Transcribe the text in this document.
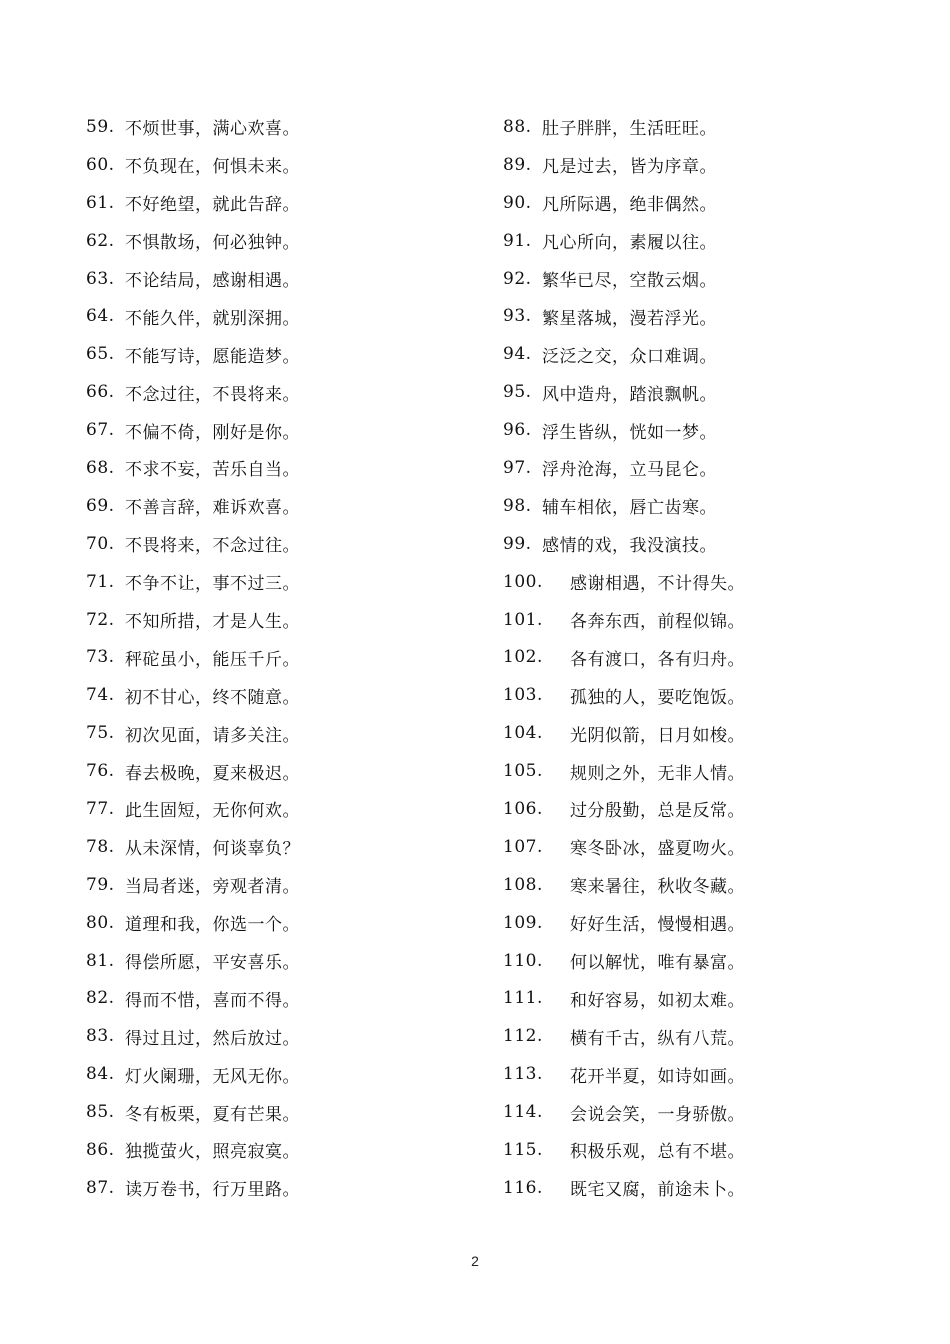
59. 不烦世事，满心欢喜。
60. 不负现在，何惧未来。
61. 不好绝望，就此告辞。
62. 不惧散场，何必独钟。
63. 不论结局，感谢相遇。
64. 不能久伴，就别深拥。
65. 不能写诗，愿能造梦。
66. 不念过往，不畏将来。
67. 不偏不倚，刚好是你。
68. 不求不妄，苦乐自当。
69. 不善言辞，难诉欢喜。
70. 不畏将来，不念过往。
71. 不争不让，事不过三。
72. 不知所措，才是人生。
73. 秤砣虽小，能压千斤。
74. 初不甘心，终不随意。
75. 初次见面，请多关注。
76. 春去极晚，夏来极迟。
77. 此生固短，无你何欢。
78. 从未深情，何谈辜负？
79. 当局者迷，旁观者清。
80. 道理和我，你选一个。
81. 得偿所愿，平安喜乐。
82. 得而不惜，喜而不得。
83. 得过且过，然后放过。
84. 灯火阑珊，无风无你。
85. 冬有板栗，夏有芒果。
86. 独揽萤火，照亮寂寞。
87. 读万卷书，行万里路。
88. 肚子胖胖，生活旺旺。
89. 凡是过去，皆为序章。
90. 凡所际遇，绝非偶然。
91. 凡心所向，素履以往。
92. 繁华已尽，空散云烟。
93. 繁星落城，漫若浮光。
94. 泛泛之交，众口难调。
95. 风中造舟，踏浪飘帆。
96. 浮生皆纵，恍如一梦。
97. 浮舟沧海，立马昆仑。
98. 辅车相依，唇亡齿寒。
99. 感情的戏，我没演技。
100.	感谢相遇，不计得失。
101.	各奔东西，前程似锦。
102.	各有渡口，各有归舟。
103.	孤独的人，要吃饱饭。
104.	光阴似箭，日月如梭。
105.	规则之外，无非人情。
106.	过分殷勤，总是反常。
107.	寒冬卧冰，盛夏吻火。
108.	寒来暑往，秋收冬藏。
109.	好好生活，慢慢相遇。
110.	何以解忧，唯有暴富。
111.	和好容易，如初太难。
112.	横有千古，纵有八荒。
113.	花开半夏，如诗如画。
114.	会说会笑，一身骄傲。
115.	积极乐观，总有不堪。
116.	既宅又腐，前途未卜。
2
